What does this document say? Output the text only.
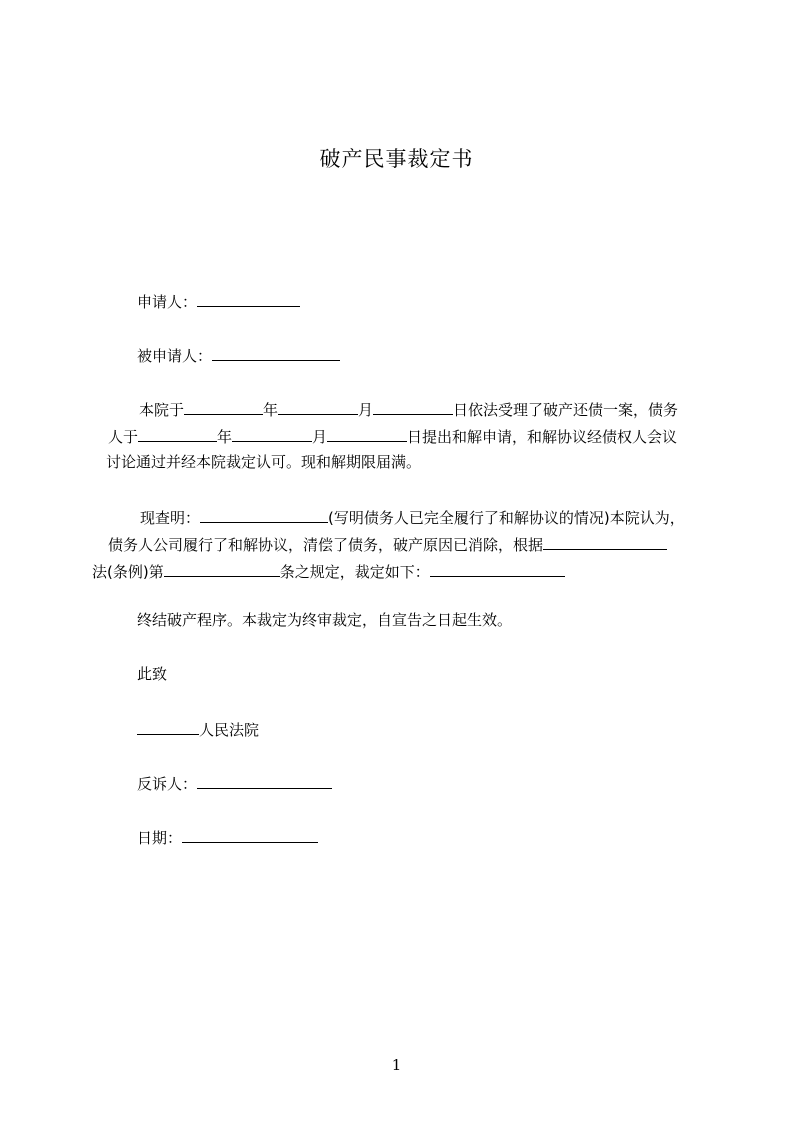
破产民事裁定书
申请人：
被申请人：
本院于	年	月	日依法受理了破产还债一案，债务
人于	年	月	日提出和解申请，和解协议经债权人会议
讨论通过并经本院裁定认可。现和解期限届满。
现查明：	(写明债务人已完全履行了和解协议的情况)本院认为，
债务人公司履行了和解协议，清偿了债务，破产原因已消除，根据
法(条例)第	条之规定，裁定如下：
终结破产程序。本裁定为终审裁定，自宣告之日起生效。
此致
人民法院
反诉人：
日期：
1
